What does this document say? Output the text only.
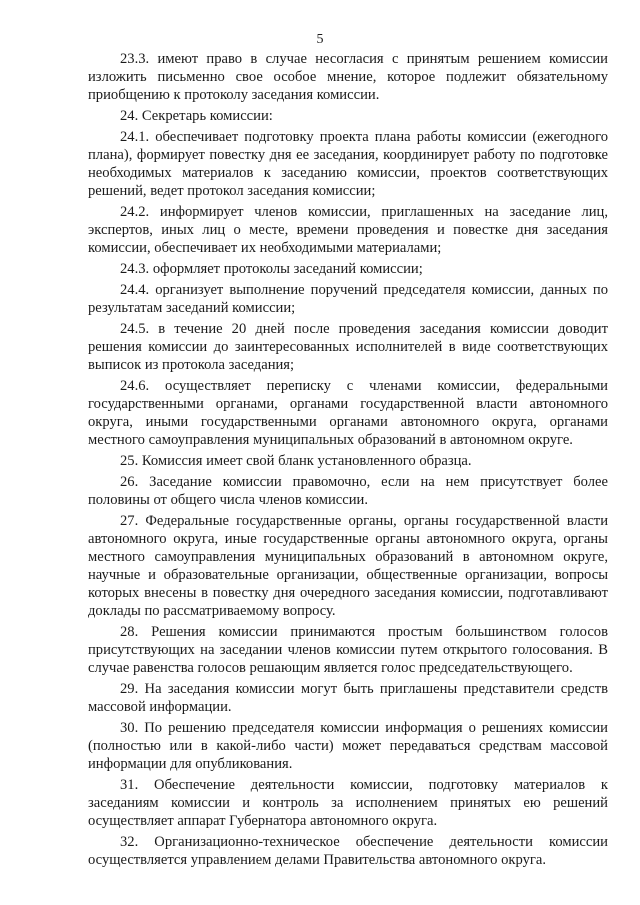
5

23.3. имеют право в случае несогласия с принятым решением комиссии изложить письменно свое особое мнение, которое подлежит обязательному приобщению к протоколу заседания комиссии.

24. Секретарь комиссии:

24.1. обеспечивает подготовку проекта плана работы комиссии (ежегодного плана), формирует повестку дня ее заседания, координирует работу по подготовке необходимых материалов к заседанию комиссии, проектов соответствующих решений, ведет протокол заседания комиссии;

24.2. информирует членов комиссии, приглашенных на заседание лиц, экспертов, иных лиц о месте, времени проведения и повестке дня заседания комиссии, обеспечивает их необходимыми материалами;

24.3. оформляет протоколы заседаний комиссии;

24.4. организует выполнение поручений председателя комиссии, данных по результатам заседаний комиссии;

24.5. в течение 20 дней после проведения заседания комиссии доводит решения комиссии до заинтересованных исполнителей в виде соответствующих выписок из протокола заседания;

24.6. осуществляет переписку с членами комиссии, федеральными государственными органами, органами государственной власти автономного округа, иными государственными органами автономного округа, органами местного самоуправления муниципальных образований в автономном округе.

25. Комиссия имеет свой бланк установленного образца.

26. Заседание комиссии правомочно, если на нем присутствует более половины от общего числа членов комиссии.

27. Федеральные государственные органы, органы государственной власти автономного округа, иные государственные органы автономного округа, органы местного самоуправления муниципальных образований в автономном округе, научные и образовательные организации, общественные организации, вопросы которых внесены в повестку дня очередного заседания комиссии, подготавливают доклады по рассматриваемому вопросу.

28. Решения комиссии принимаются простым большинством голосов присутствующих на заседании членов комиссии путем открытого голосования. В случае равенства голосов решающим является голос председательствующего.

29. На заседания комиссии могут быть приглашены представители средств массовой информации.

30. По решению председателя комиссии информация о решениях комиссии (полностью или в какой-либо части) может передаваться средствам массовой информации для опубликования.

31. Обеспечение деятельности комиссии, подготовку материалов к заседаниям комиссии и контроль за исполнением принятых ею решений осуществляет аппарат Губернатора автономного округа.

32. Организационно-техническое обеспечение деятельности комиссии осуществляется управлением делами Правительства автономного округа.
